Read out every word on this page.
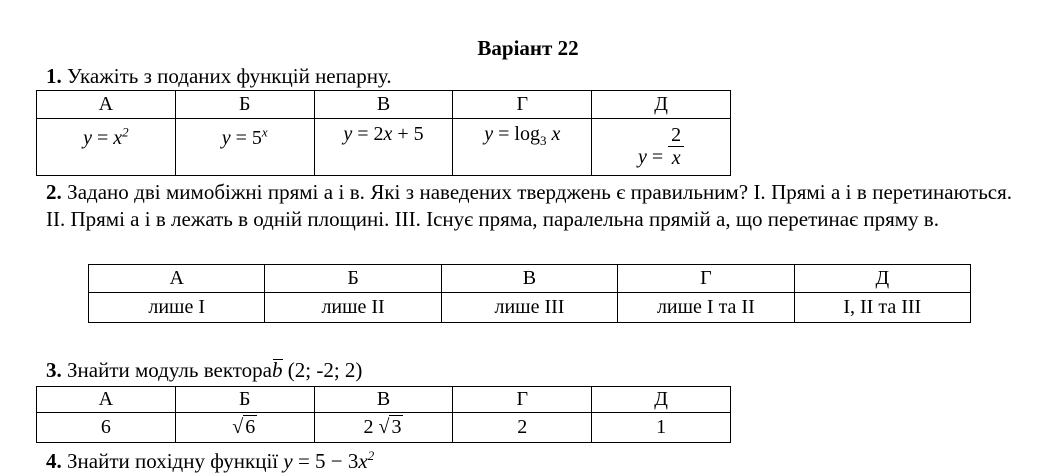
Варіант 22
1. Укажіть з поданих функцій непарну.
А	Б	В	Г	Д
$y = x^2$	$y = 5^x$	y = 2x + 5	$y = \log_3 x$	$y = \frac{2}{x}$
2. Задано дві мимобіжні прямі а і в. Які з наведених тверджень є правильним? І. Прямі а і в перетинаються. ІІ. Прямі а і в лежать в одній площині. ІІІ. Існує пряма, паралельна прямій а, що перетинає пряму в.
А	Б	В	Г	Д
лише І	лише ІІ	лише ІІІ	лише І та ІІ	І, ІІ та ІІІ
3. Знайти модуль вектораb (2; -2; 2)
А	Б	В	Г	Д
6	√ 6	2 √ 3	2	1
4. Знайти похідну функції $y = 5 - 3x^2$
